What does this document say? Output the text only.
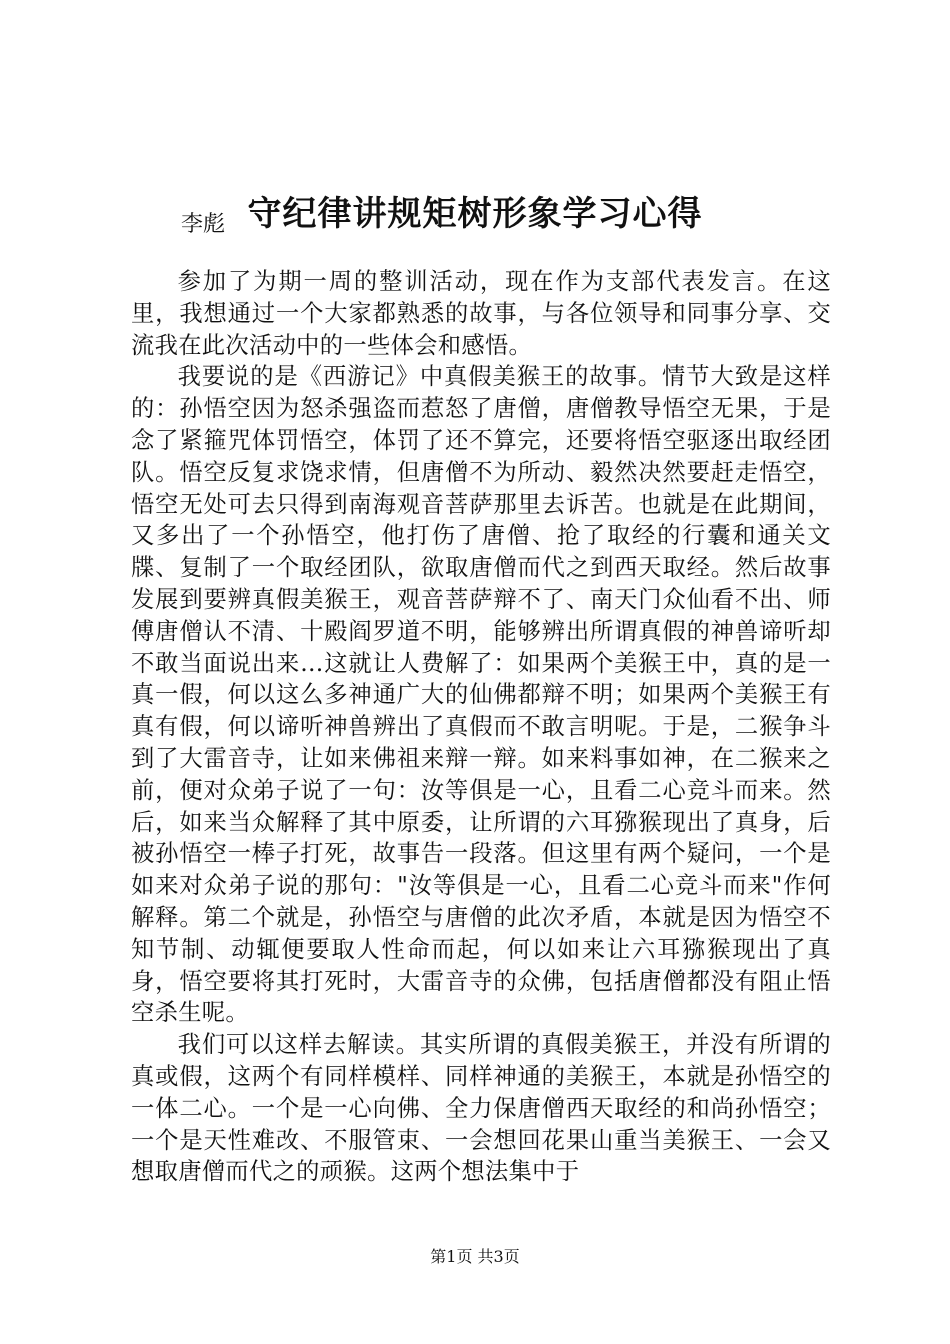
守纪律讲规矩树形象学习心得
李彪

参加了为期一周的整训活动，现在作为支部代表发言。在这里，我想通过一个大家都熟悉的故事，与各位领导和同事分享、交流我在此次活动中的一些体会和感悟。

我要说的是《西游记》中真假美猴王的故事。情节大致是这样的：孙悟空因为怒杀强盗而惹怒了唐僧，唐僧教导悟空无果，于是念了紧箍咒体罚悟空，体罚了还不算完，还要将悟空驱逐出取经团队。悟空反复求饶求情，但唐僧不为所动、毅然决然要赶走悟空，悟空无处可去只得到南海观音菩萨那里去诉苦。也就是在此期间，又多出了一个孙悟空，他打伤了唐僧、抢了取经的行囊和通关文牒、复制了一个取经团队，欲取唐僧而代之到西天取经。然后故事发展到要辨真假美猴王，观音菩萨辩不了、南天门众仙看不出、师傅唐僧认不清、十殿阎罗道不明，能够辨出所谓真假的神兽谛听却不敢当面说出来…这就让人费解了：如果两个美猴王中，真的是一真一假，何以这么多神通广大的仙佛都辩不明；如果两个美猴王有真有假，何以谛听神兽辨出了真假而不敢言明呢。于是，二猴争斗到了大雷音寺，让如来佛祖来辩一辩。如来料事如神，在二猴来之前，便对众弟子说了一句：汝等俱是一心，且看二心竞斗而来。然后，如来当众解释了其中原委，让所谓的六耳猕猴现出了真身，后被孙悟空一棒子打死，故事告一段落。但这里有两个疑问，一个是如来对众弟子说的那句："汝等俱是一心，且看二心竞斗而来"作何解释。第二个就是，孙悟空与唐僧的此次矛盾，本就是因为悟空不知节制、动辄便要取人性命而起，何以如来让六耳猕猴现出了真身，悟空要将其打死时，大雷音寺的众佛，包括唐僧都没有阻止悟空杀生呢。

我们可以这样去解读。其实所谓的真假美猴王，并没有所谓的真或假，这两个有同样模样、同样神通的美猴王，本就是孙悟空的一体二心。一个是一心向佛、全力保唐僧西天取经的和尚孙悟空；一个是天性难改、不服管束、一会想回花果山重当美猴王、一会又想取唐僧而代之的顽猴。这两个想法集中于

第1页 共3页
